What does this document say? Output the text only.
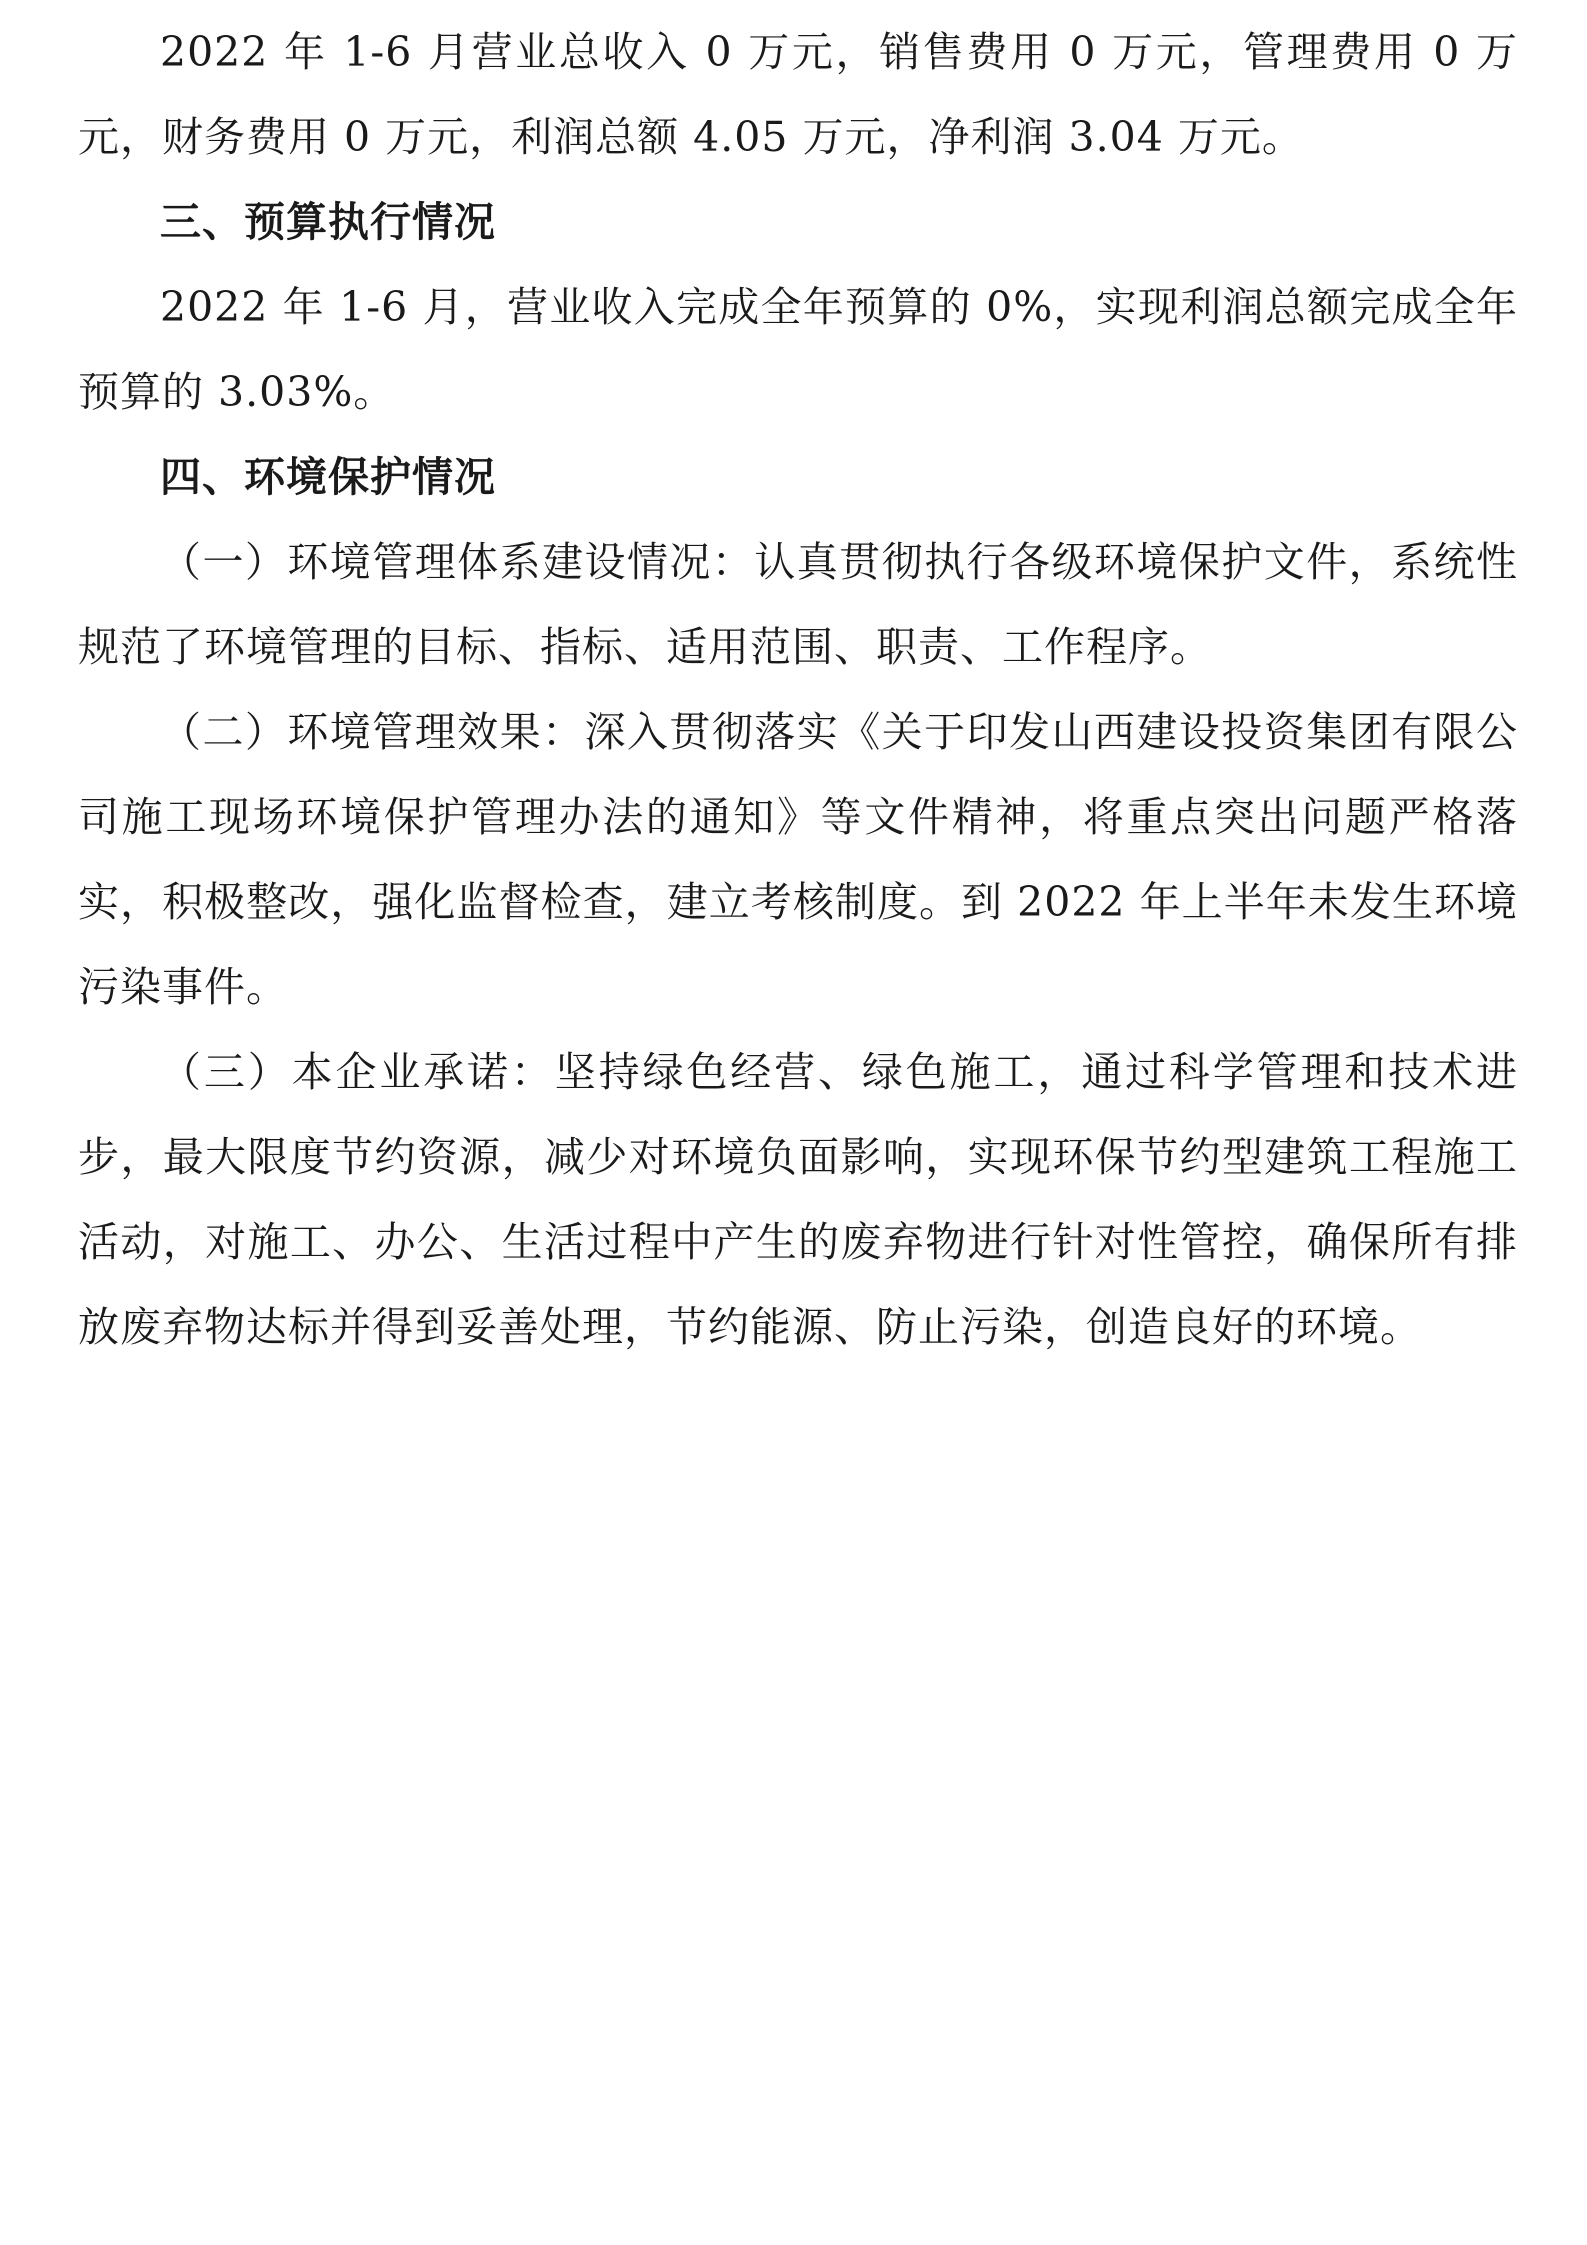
2022 年 1-6 月营业总收入 0 万元，销售费用 0 万元，管理费用 0 万元，财务费用 0 万元，利润总额 4.05 万元，净利润 3.04 万元。

三、预算执行情况

2022 年 1-6 月，营业收入完成全年预算的 0%，实现利润总额完成全年预算的 3.03%。

四、环境保护情况

（一）环境管理体系建设情况：认真贯彻执行各级环境保护文件，系统性规范了环境管理的目标、指标、适用范围、职责、工作程序。

（二）环境管理效果：深入贯彻落实《关于印发山西建设投资集团有限公司施工现场环境保护管理办法的通知》等文件精神，将重点突出问题严格落实，积极整改，强化监督检查，建立考核制度。到 2022 年上半年未发生环境污染事件。

（三）本企业承诺：坚持绿色经营、绿色施工，通过科学管理和技术进步，最大限度节约资源，减少对环境负面影响，实现环保节约型建筑工程施工活动，对施工、办公、生活过程中产生的废弃物进行针对性管控，确保所有排放废弃物达标并得到妥善处理，节约能源、防止污染，创造良好的环境。
